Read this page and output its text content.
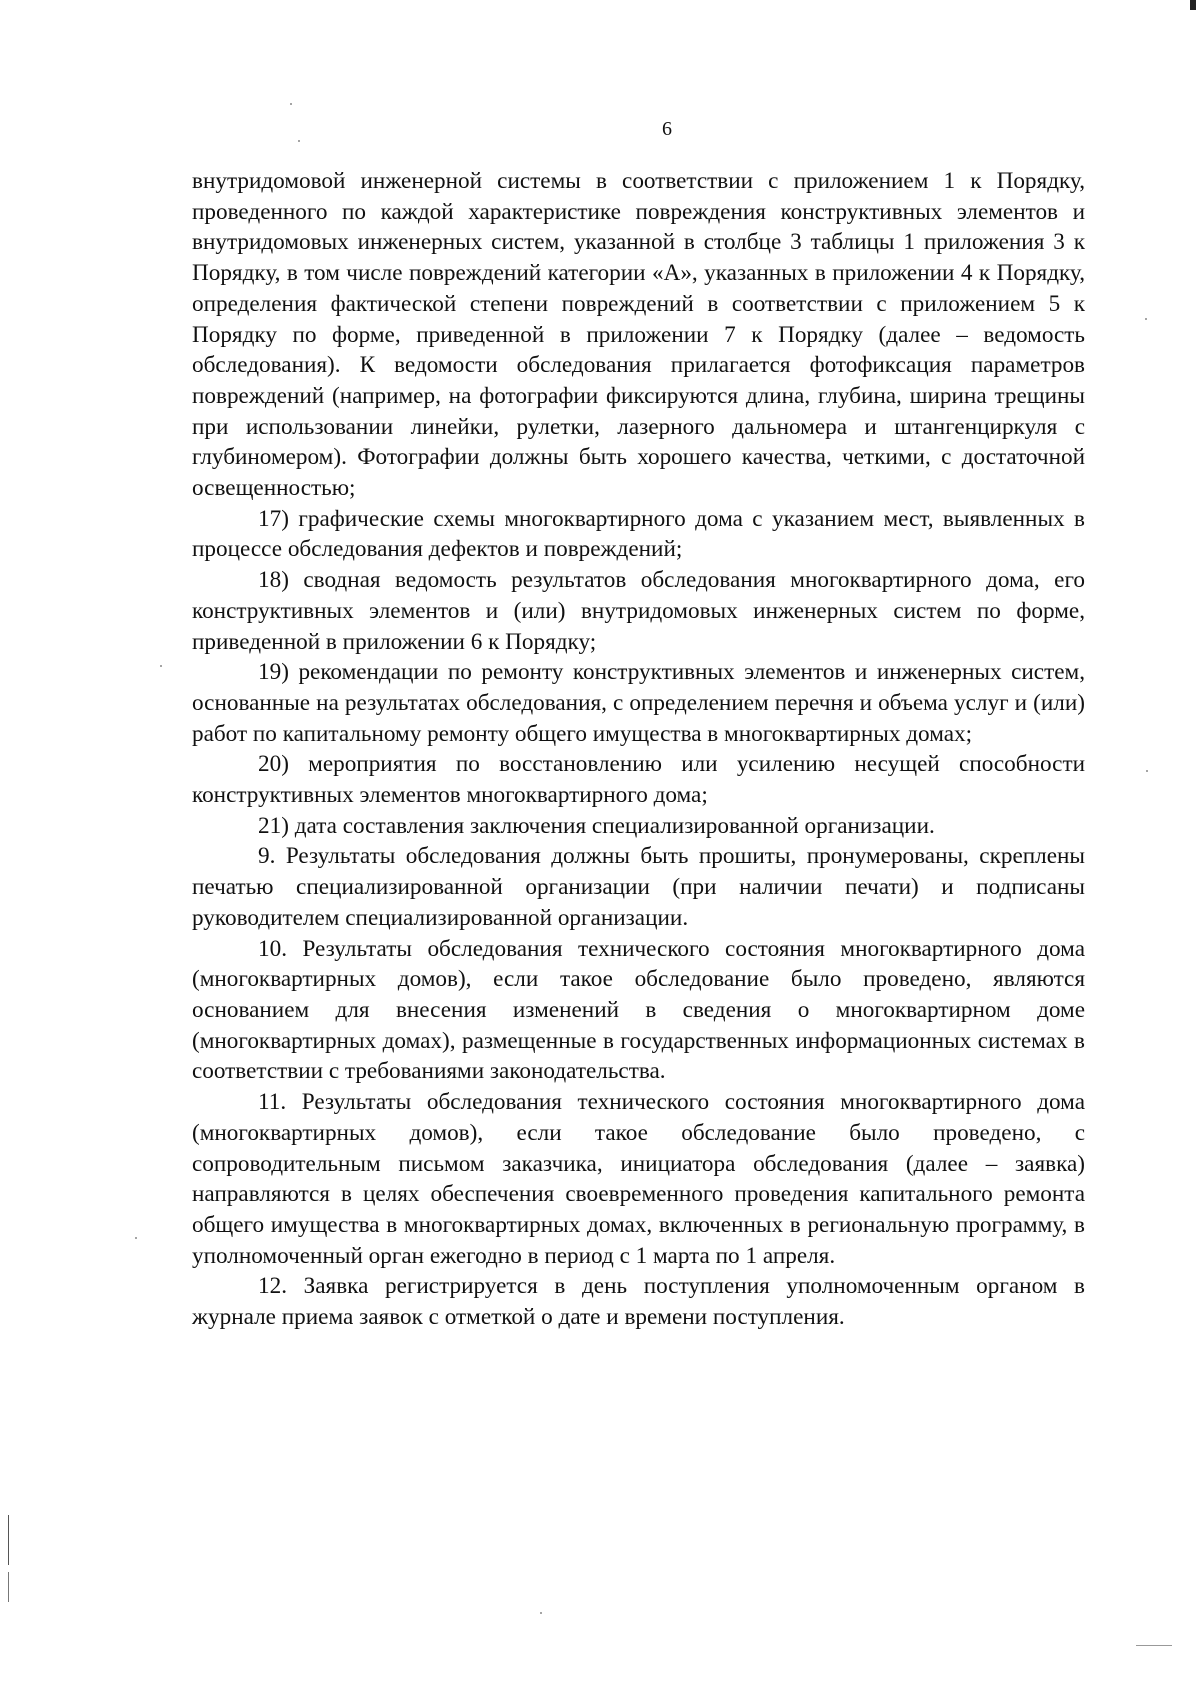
6

внутридомовой инженерной системы в соответствии с приложением 1 к Порядку, проведенного по каждой характеристике повреждения конструктивных элементов и внутридомовых инженерных систем, указанной в столбце 3 таблицы 1 приложения 3 к Порядку, в том числе повреждений категории «А», указанных в приложении 4 к Порядку, определения фактической степени повреждений в соответствии с приложением 5 к Порядку по форме, приведенной в приложении 7 к Порядку (далее – ведомость обследования). К ведомости обследования прилагается фотофиксация параметров повреждений (например, на фотографии фиксируются длина, глубина, ширина трещины при использовании линейки, рулетки, лазерного дальномера и штангенциркуля с глубиномером). Фотографии должны быть хорошего качества, четкими, с достаточной освещенностью;

17) графические схемы многоквартирного дома с указанием мест, выявленных в процессе обследования дефектов и повреждений;

18) сводная ведомость результатов обследования многоквартирного дома, его конструктивных элементов и (или) внутридомовых инженерных систем по форме, приведенной в приложении 6 к Порядку;

19) рекомендации по ремонту конструктивных элементов и инженерных систем, основанные на результатах обследования, с определением перечня и объема услуг и (или) работ по капитальному ремонту общего имущества в многоквартирных домах;

20) мероприятия по восстановлению или усилению несущей способности конструктивных элементов многоквартирного дома;

21) дата составления заключения специализированной организации.

9. Результаты обследования должны быть прошиты, пронумерованы, скреплены печатью специализированной организации (при наличии печати) и подписаны руководителем специализированной организации.

10. Результаты обследования технического состояния многоквартирного дома (многоквартирных домов), если такое обследование было проведено, являются основанием для внесения изменений в сведения о многоквартирном доме (многоквартирных домах), размещенные в государственных информационных системах в соответствии с требованиями законодательства.

11. Результаты обследования технического состояния многоквартирного дома (многоквартирных домов), если такое обследование было проведено, с сопроводительным письмом заказчика, инициатора обследования (далее – заявка) направляются в целях обеспечения своевременного проведения капитального ремонта общего имущества в многоквартирных домах, включенных в региональную программу, в уполномоченный орган ежегодно в период с 1 марта по 1 апреля.

12. Заявка регистрируется в день поступления уполномоченным органом в журнале приема заявок с отметкой о дате и времени поступления.
